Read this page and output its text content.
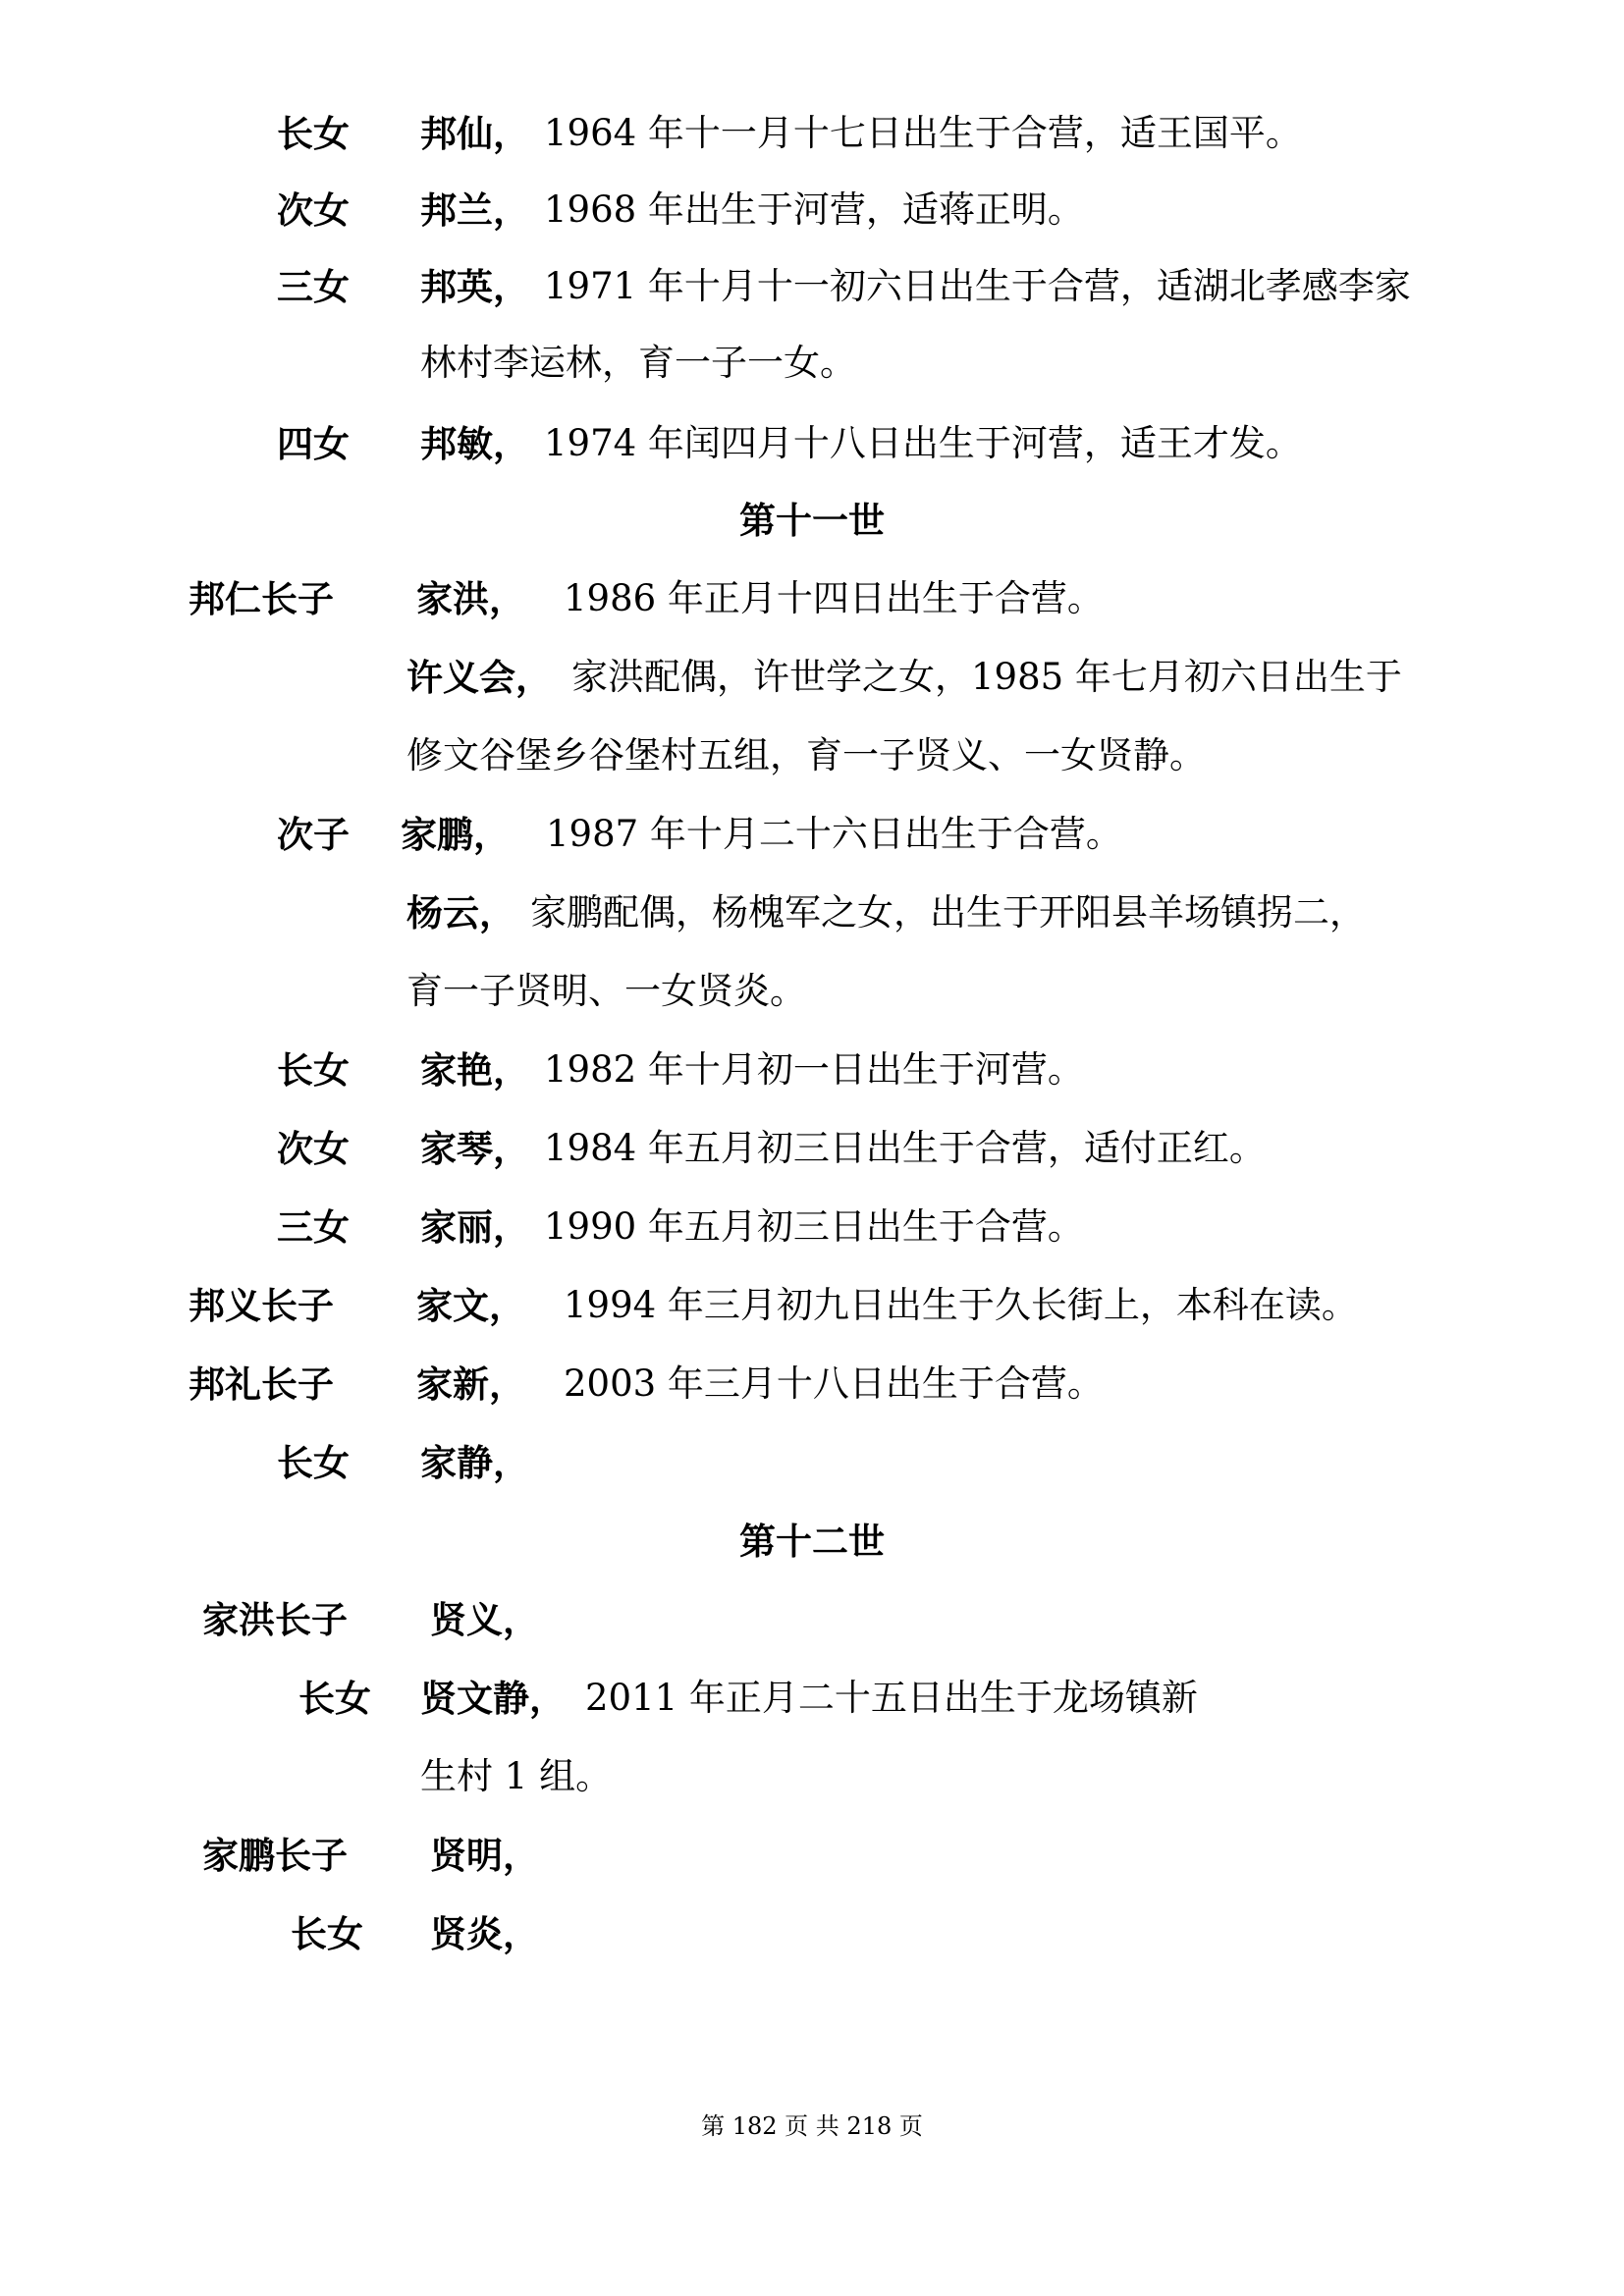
长女 邦仙， 1964 年十一月十七日出生于合营，适王国平。
次女 邦兰， 1968 年出生于河营，适蒋正明。
三女 邦英， 1971 年十月十一初六日出生于合营，适湖北孝感李家
林村李运林，育一子一女。
四女 邦敏， 1974 年闰四月十八日出生于河营，适王才发。
第十一世
邦仁长子 家洪， 1986 年正月十四日出生于合营。
许义会， 家洪配偶，许世学之女，1985 年七月初六日出生于
修文谷堡乡谷堡村五组，育一子贤义、一女贤静。
次子 家鹏， 1987 年十月二十六日出生于合营。
杨云， 家鹏配偶，杨槐军之女，出生于开阳县羊场镇拐二，
育一子贤明、一女贤炎。
长女 家艳， 1982 年十月初一日出生于河营。
次女 家琴， 1984 年五月初三日出生于合营，适付正红。
三女 家丽， 1990 年五月初三日出生于合营。
邦义长子 家文， 1994 年三月初九日出生于久长街上，本科在读。
邦礼长子 家新， 2003 年三月十八日出生于合营。
长女 家静，
第十二世
家洪长子 贤义，
长女 贤文静， 2011 年正月二十五日出生于龙场镇新
生村 1 组。
家鹏长子 贤明，
长女 贤炎，
第 182 页 共 218 页
